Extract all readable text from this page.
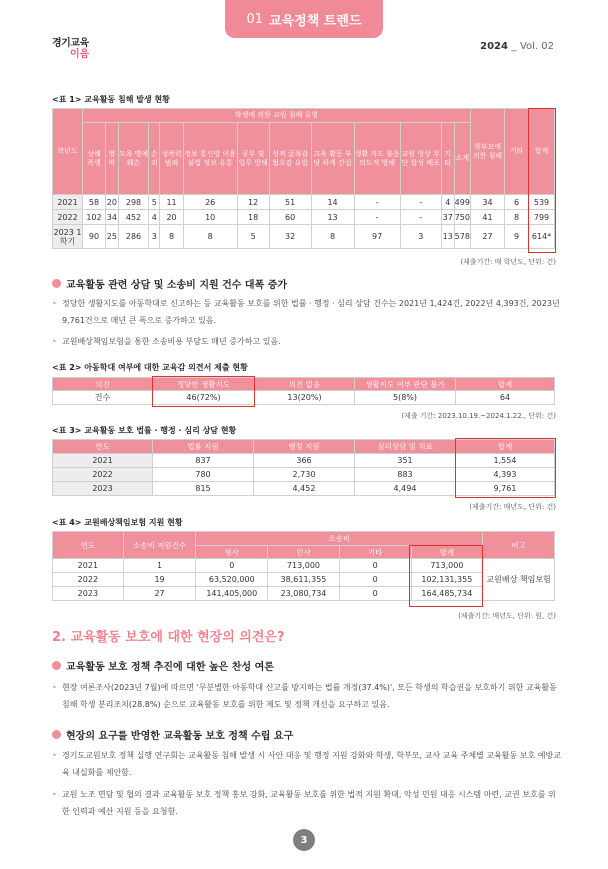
01 교육정책 트렌드
경기교육
이음
2024 _ Vol. 02
<표 1> 교육활동 침해 발생 현황
학년도	학생에 의한 교원 침해 유형													학부모에 의한 침해	기타	합계
	상해 폭행	협박	모욕 명예 훼손	손괴	성폭력 범죄	정보 통신망 이용 불법 정보 유통	공무 및 업무 방해	성적 굴욕감 혐오감 유발	교육 활동 부당 하게 간섭	생활 지도 불응 의도적 방해	교원 영상 무단 합성 배포	기타	소계			
2021	58	20	298	5	11	26	12	51	14	-	-	4	499	34	6	539
2022	102	34	452	4	20	10	18	60	13	-	-	37	750	41	8	799
2023 1학기	90	25	286	3	8	8	5	32	8	97	3	13	578	27	9	614*
(제출기간: 매 학년도, 단위: 건)
교육활동 관련 상담 및 소송비 지원 건수 대폭 증가
• 정당한 생활지도를 아동학대로 신고하는 등 교육활동 보호를 위한 법률 · 행정 · 심리 상담 건수는 2021년 1,424건, 2022년 4,393건, 2023년 9,761건으로 매년 큰 폭으로 증가하고 있음.
• 교원배상책임보험을 통한 소송비용 부담도 매년 증가하고 있음.
<표 2> 아동학대 여부에 대한 교육감 의견서 제출 현황
의견	정당한 생활지도	의견 없음	생활지도 여부 판단 불가	합계
건수	46(72%)	13(20%)	5(8%)	64
(제출 기간: 2023.10.19.~2024.1.22., 단위: 건)
<표 3> 교육활동 보호 법률 · 행정 · 심리 상담 현황
연도	법률 지원	행정 지원	심리상담 및 치료	합계
2021	837	366	351	1,554
2022	780	2,730	883	4,393
2023	815	4,452	4,494	9,761
(제출기간: 매년도, 단위: 건)
<표 4> 교원배상책임보험 지원 현황
연도	소송비 지원건수	소송비				비고
		형사	민사	기타	합계	
2021	1	0	713,000	0	713,000	교원배상 책임보험
2022	19	63,520,000	38,611,355	0	102,131,355	
2023	27	141,405,000	23,080,734	0	164,485,734	
(제출기간: 매년도, 단위: 원, 건)
2. 교육활동 보호에 대한 현장의 의견은?
교육활동 보호 정책 추진에 대한 높은 찬성 여론
• 현장 여론조사(2023년 7월)에 따르면 '무분별한 아동학대 신고를 방지하는 법률 개정(37.4%)', 모든 학생의 학습권을 보호하기 위한 교육활동 침해 학생 분리조치(28.8%) 순으로 교육활동 보호를 위한 제도 및 정책 개선을 요구하고 있음.
현장의 요구를 반영한 교육활동 보호 정책 수립 요구
• 경기도교원보호 정책 실행 연구회는 교육활동 침해 발생 시 사안 대응 및 행정 지원 강화와 학생, 학부모, 교사 교육 주체별 교육활동 보호 예방교육 내실화를 제안함.
• 교원 노조 면담 및 협의 결과 교육활동 보호 정책 홍보 강화, 교육활동 보호를 위한 법적 지원 확대, 악성 민원 대응 시스템 마련, 교권 보호를 위한 인력과 예산 지원 등을 요청함.
3
